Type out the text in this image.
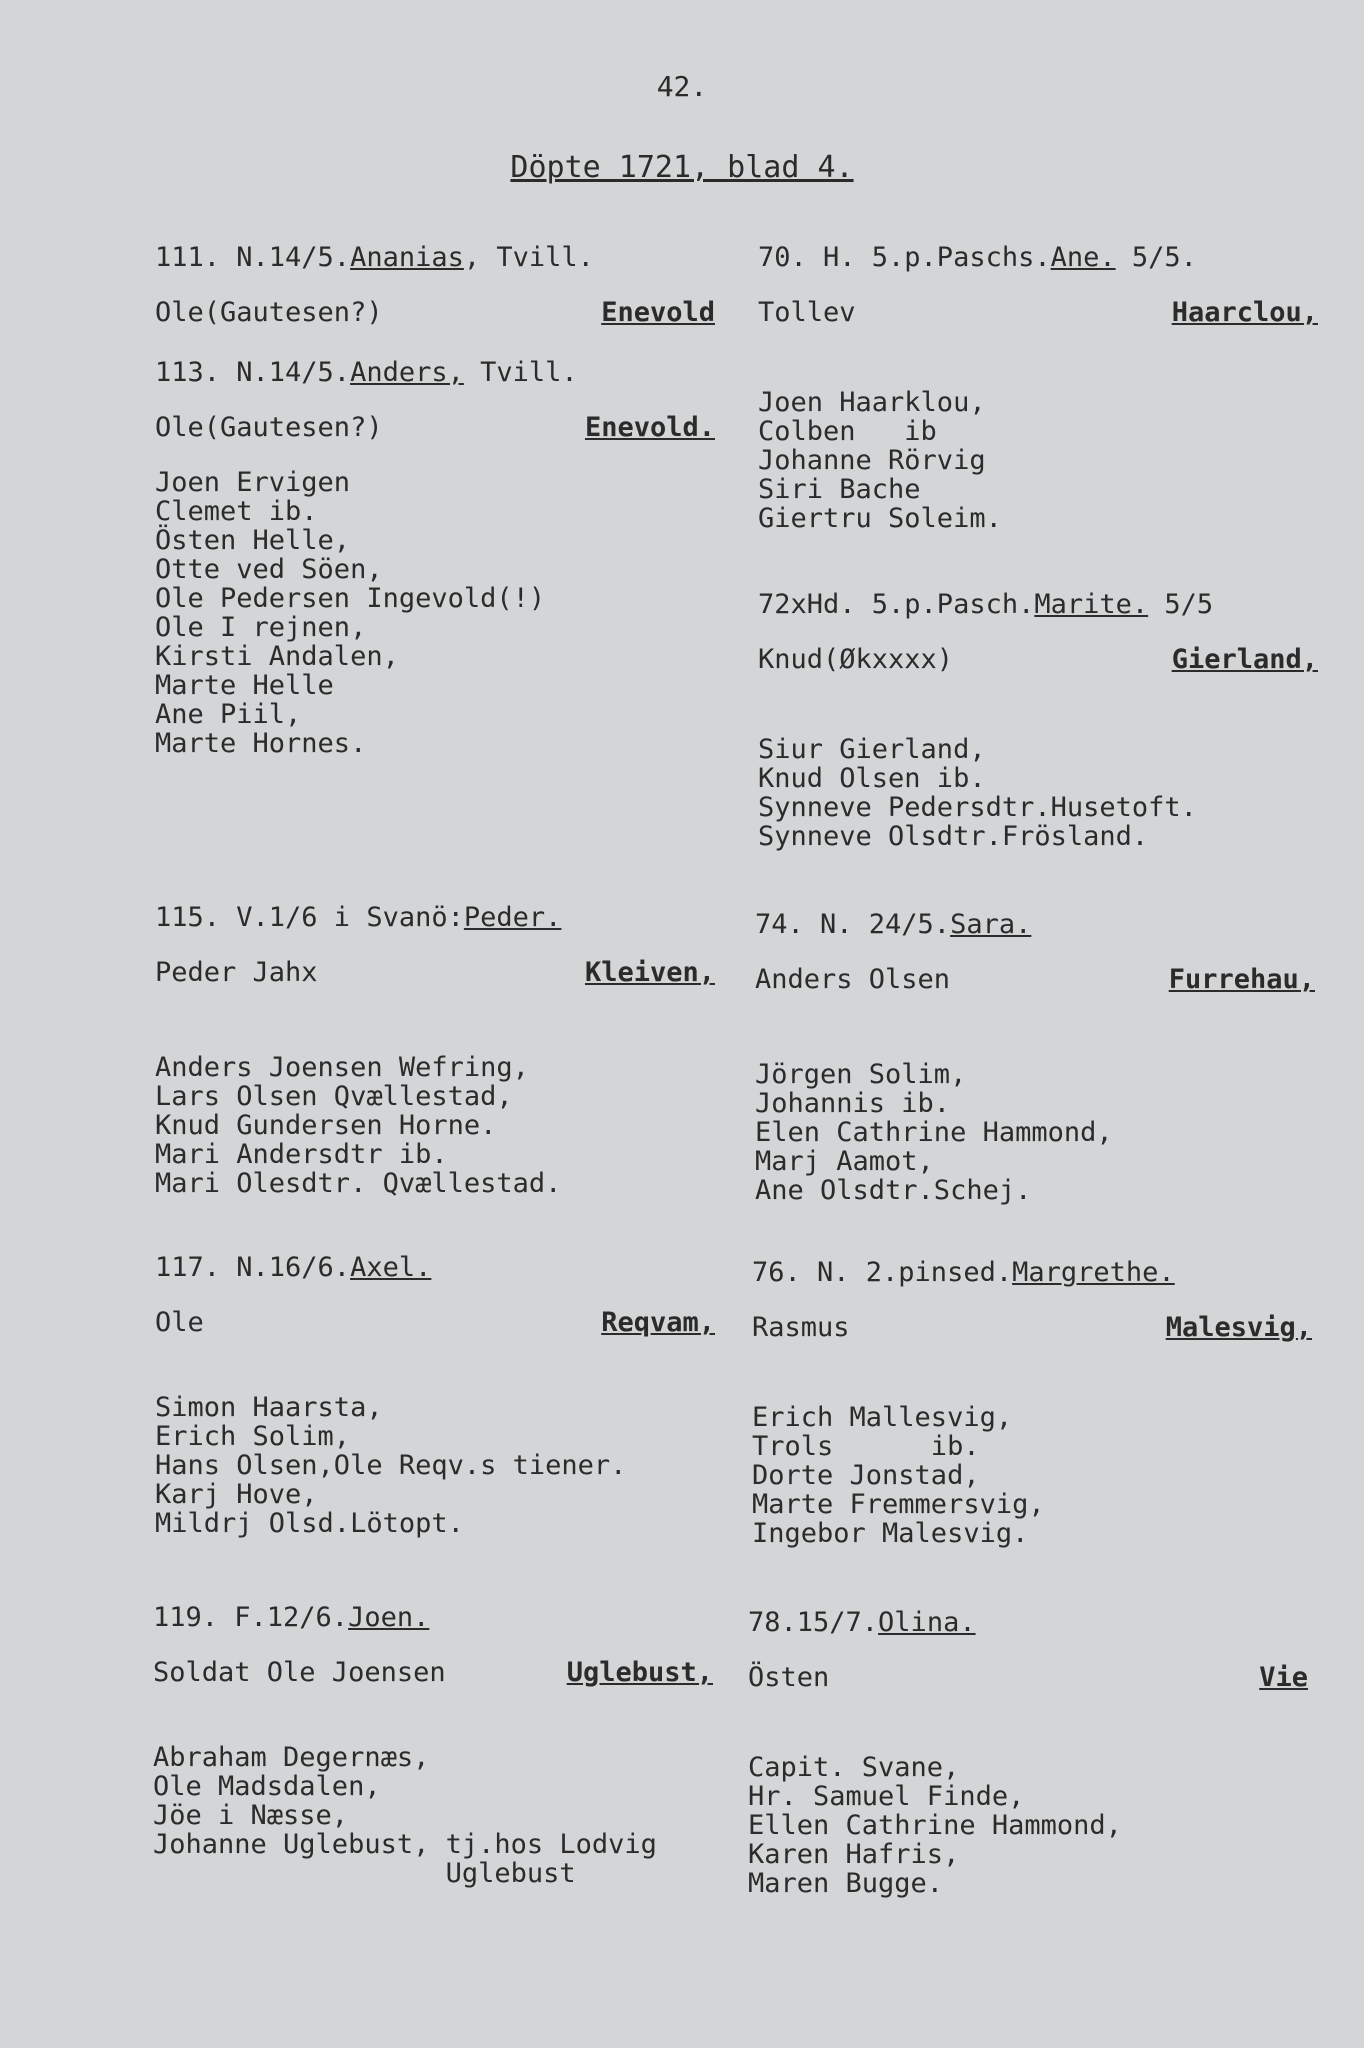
42.
Döpte 1721, blad 4.
111. N.14/5.Ananias, Tvill.
Ole(Gautesen?)	Enevold
113. N.14/5.Anders, Tvill.
Ole(Gautesen?)	Enevold.
Joen Ervigen
Clemet ib.
Östen Helle,
Otte ved Söen,
Ole Pedersen Ingevold(!)
Ole I rejnen,
Kirsti Andalen,
Marte Helle
Ane Piil,
Marte Hornes.
115. V.1/6 i Svanö:Peder.
Peder Jahx	Kleiven,
Anders Joensen Wefring,
Lars Olsen Qvællestad,
Knud Gundersen Horne.
Mari Andersdtr ib.
Mari Olesdtr. Qvællestad.
117. N.16/6.Axel.
Ole	Reqvam,
Simon Haarsta,
Erich Solim,
Hans Olsen,Ole Reqv.s tiener.
Karj Hove,
Mildrj Olsd.Lötopt.
119. F.12/6.Joen.
Soldat Ole Joensen	Uglebust,
Abraham Degernæs,
Ole Madsdalen,
Jöe i Næsse,
Johanne Uglebust, tj.hos Lodvig
Uglebust
70. H. 5.p.Paschs.Ane. 5/5.
Tollev	Haarclou,
Joen Haarklou,
Colben   ib
Johanne Rörvig
Siri Bache
Giertru Soleim.
72xHd. 5.p.Pasch.Marite. 5/5
Knud(Økxxxx)	Gierland,
Siur Gierland,
Knud Olsen ib.
Synneve Pedersdtr.Husetoft.
Synneve Olsdtr.Frösland.
74. N. 24/5.Sara.
Anders Olsen	Furrehau,
Jörgen Solim,
Johannis ib.
Elen Cathrine Hammond,
Marj Aamot,
Ane Olsdtr.Schej.
76. N. 2.pinsed.Margrethe.
Rasmus	Malesvig,
Erich Mallesvig,
Trols      ib.
Dorte Jonstad,
Marte Fremmersvig,
Ingebor Malesvig.
78.15/7.Olina.
Östen	Vie
Capit. Svane,
Hr. Samuel Finde,
Ellen Cathrine Hammond,
Karen Hafris,
Maren Bugge.
